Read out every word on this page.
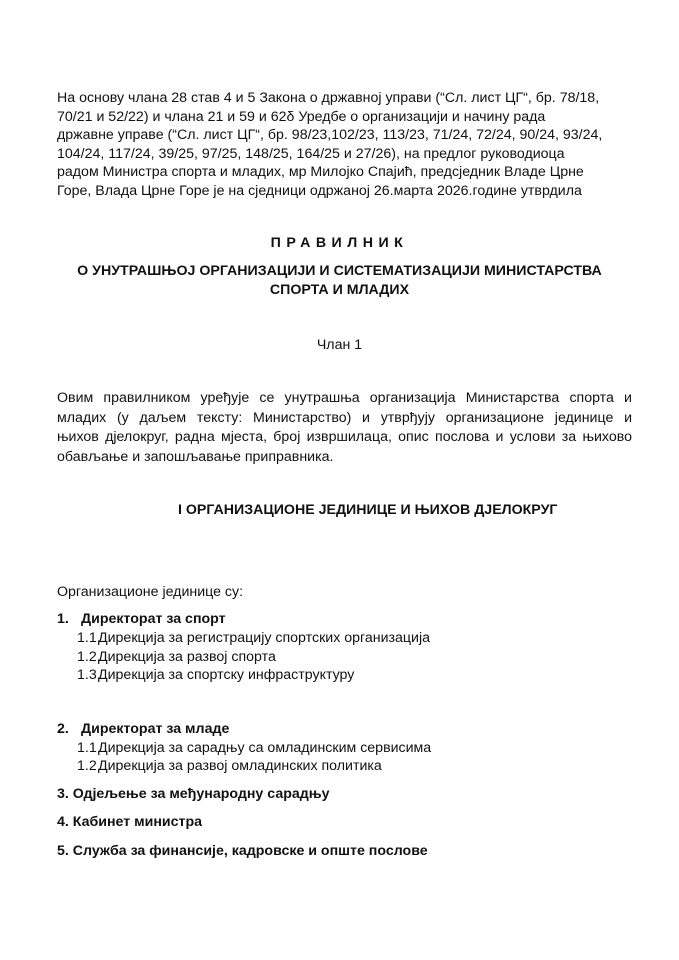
На основу члана 28 став 4 и 5 Закона о државној управи (“Сл. лист ЦГ“, бр. 78/18,
70/21 и 52/22) и члана 21 и 59 и 62δ Уредбе о организацији и начину рада
државне управе (“Сл. лист ЦГ“, бр. 98/23,102/23, 113/23, 71/24, 72/24, 90/24, 93/24,
104/24, 117/24, 39/25, 97/25, 148/25, 164/25 и 27/26), на предлог руководиоца
радом Министра спорта и младих, мр Милојко Спајић, предсједник Владе Црне
Горе, Влада Црне Горе је на сједници одржаној 26.марта 2026.године утврдила
ПРАВИЛНИК
О УНУТРАШЊОЈ ОРГАНИЗАЦИЈИ И СИСТЕМАТИЗАЦИЈИ МИНИСТАРСТВА
СПОРТА И МЛАДИХ
Члан 1
Овим правилником уређује се унутрашња организација Министарства спорта и
младих (у даљем тексту: Министарство) и утврђују организационе јединице и
њихов дјелокруг, радна мјеста, број извршилаца, опис послова и услови за њихово
обављање и запошљавање приправника.
I ОРГАНИЗАЦИОНЕ ЈЕДИНИЦЕ И ЊИХОВ ДЈЕЛОКРУГ
Организационе јединице су:
1. Директорат за спорт
1.1.Дирекција за регистрацију спортских организација
1.2.Дирекција за развој спорта
1.3.Дирекција за спортску инфраструктуру
2. Директорат за младе
1.1Дирекција за сарадњу са омладинским сервисима
1.2Дирекција за развој омладинских политика
3. Одјељење за међународну сарадњу
4. Кабинет министра
5. Служба за финансије, кадровске и опште послове
